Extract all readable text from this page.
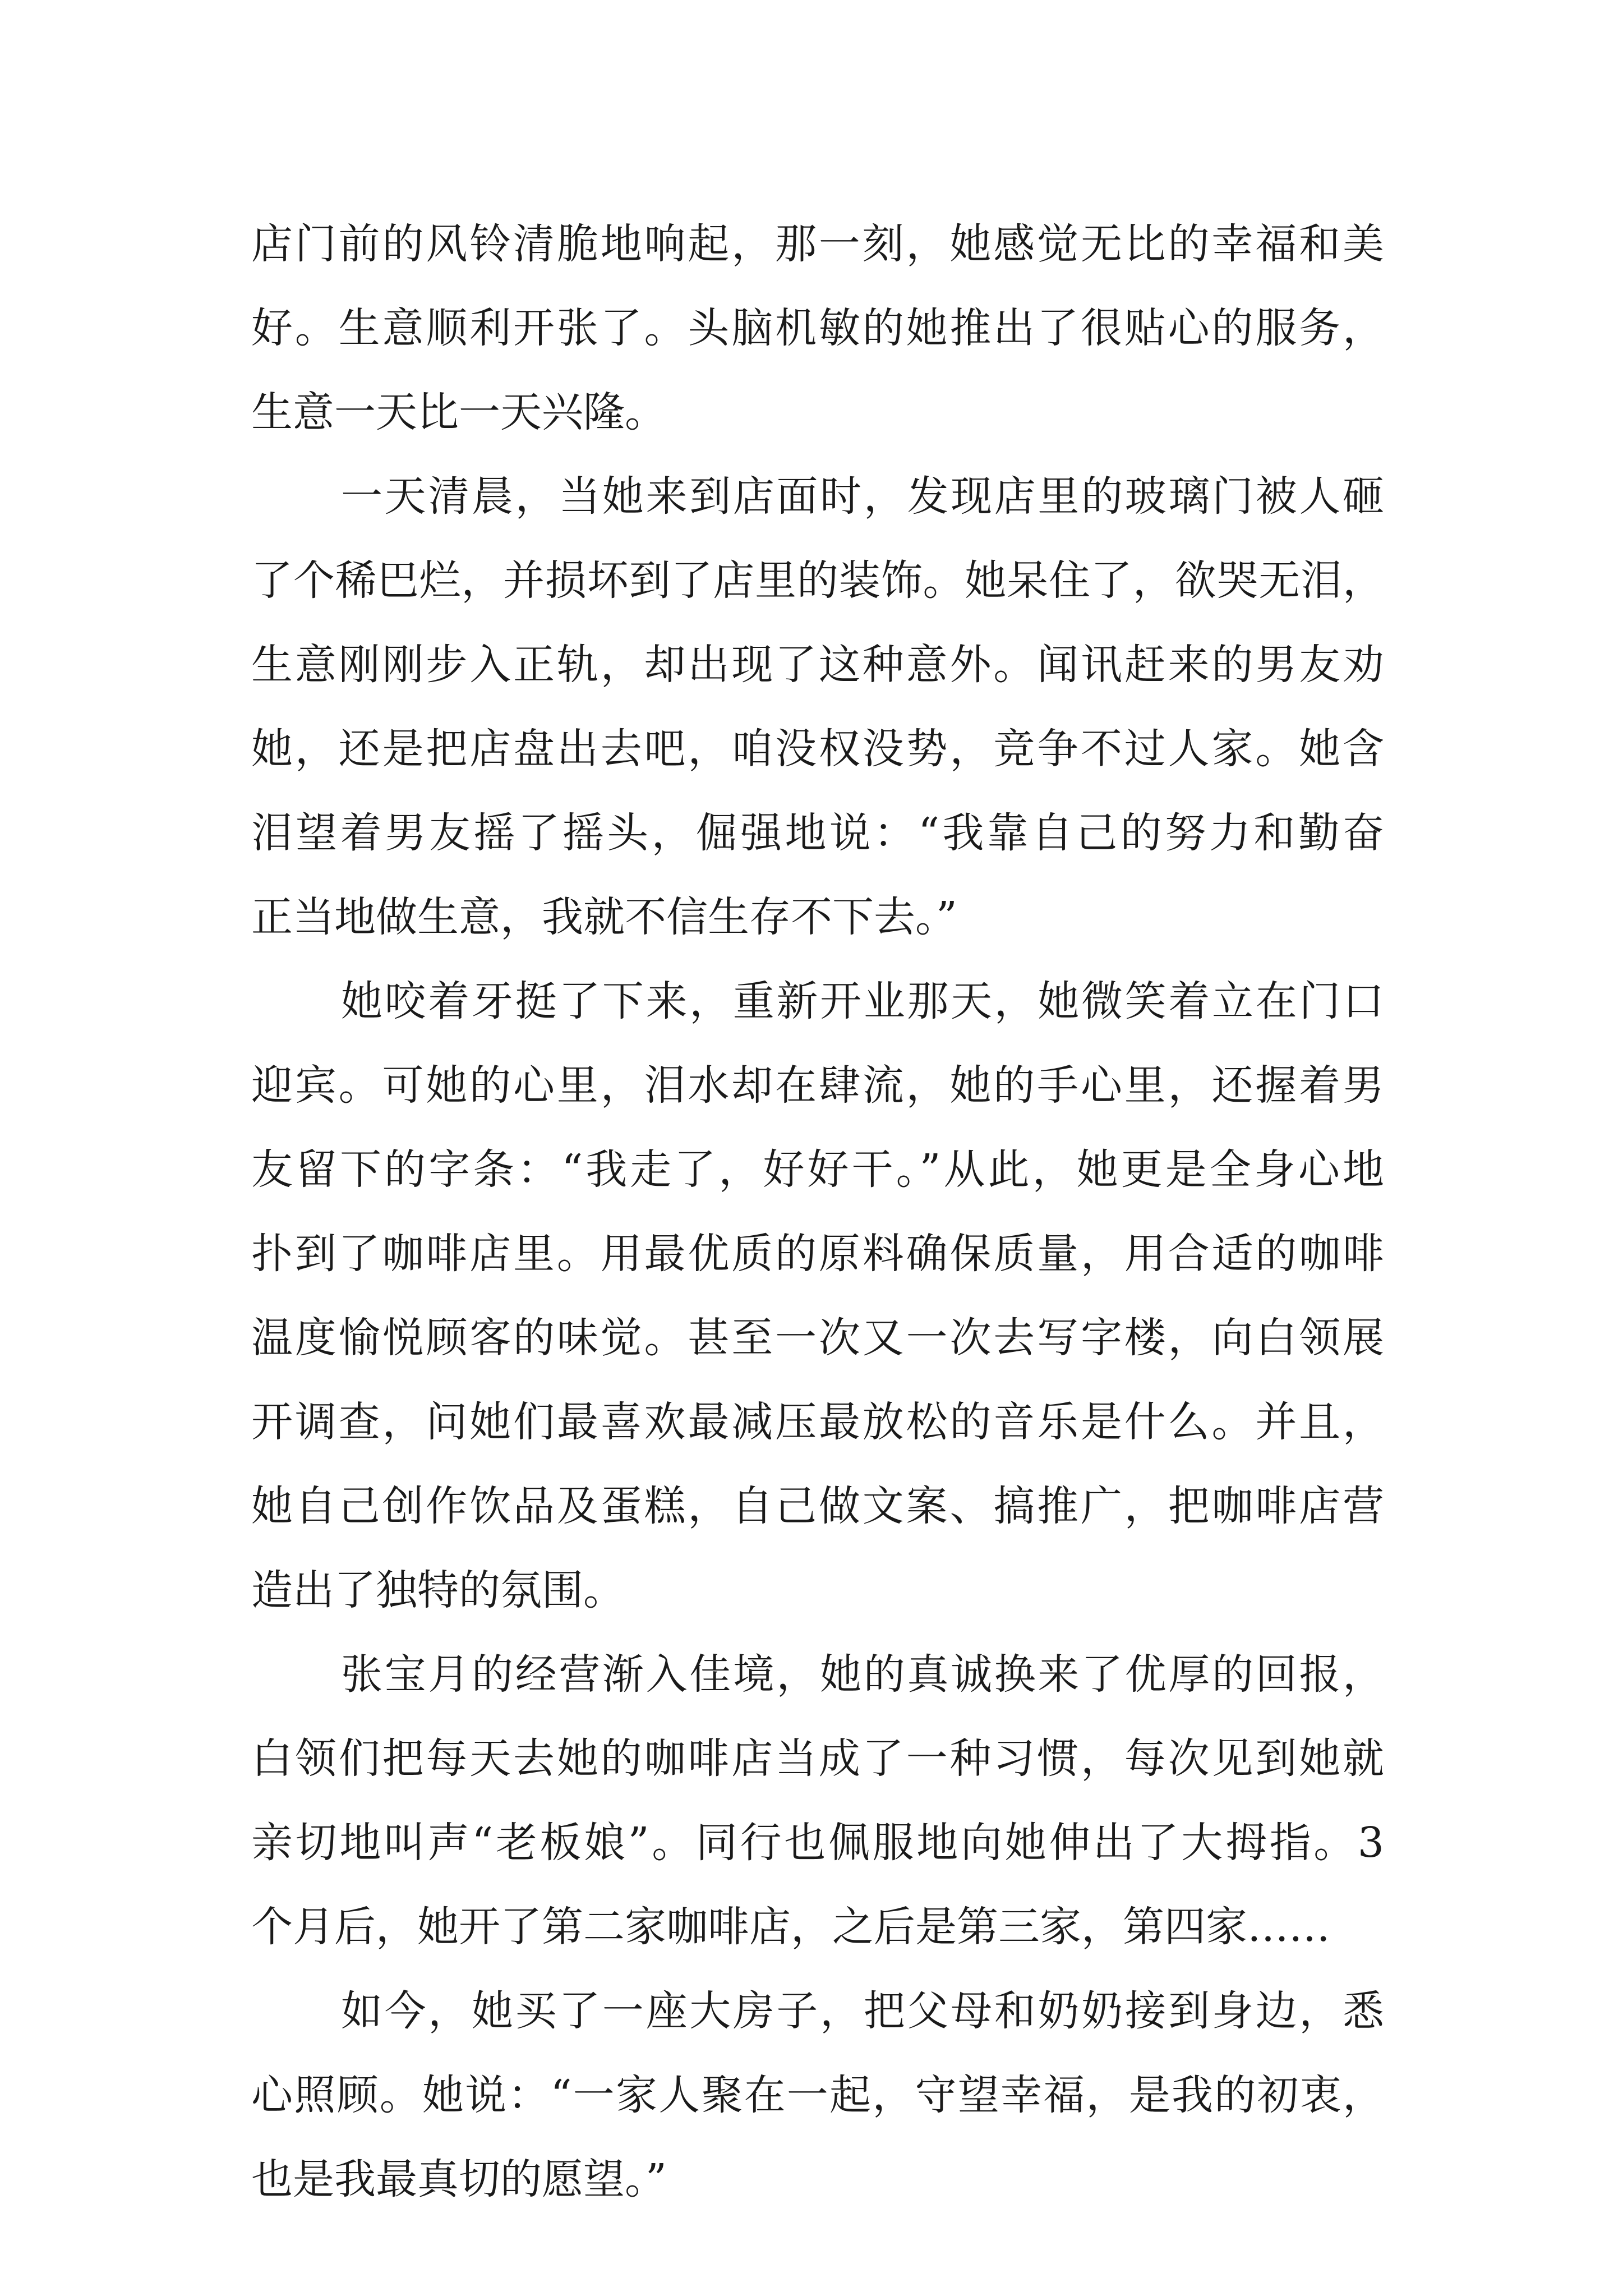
店门前的风铃清脆地响起，那一刻，她感觉无比的幸福和美
好。生意顺利开张了。头脑机敏的她推出了很贴心的服务，
生意一天比一天兴隆。
一天清晨，当她来到店面时，发现店里的玻璃门被人砸
了个稀巴烂，并损坏到了店里的装饰。她呆住了，欲哭无泪，
生意刚刚步入正轨，却出现了这种意外。闻讯赶来的男友劝
她，还是把店盘出去吧，咱没权没势，竞争不过人家。她含
泪望着男友摇了摇头，倔强地说：“我靠自己的努力和勤奋
正当地做生意，我就不信生存不下去。”
她咬着牙挺了下来，重新开业那天，她微笑着立在门口
迎宾。可她的心里，泪水却在肆流，她的手心里，还握着男
友留下的字条：“我走了，好好干。”从此，她更是全身心地
扑到了咖啡店里。用最优质的原料确保质量，用合适的咖啡
温度愉悦顾客的味觉。甚至一次又一次去写字楼，向白领展
开调查，问她们最喜欢最减压最放松的音乐是什么。并且，
她自己创作饮品及蛋糕，自己做文案、搞推广，把咖啡店营
造出了独特的氛围。
张宝月的经营渐入佳境，她的真诚换来了优厚的回报，
白领们把每天去她的咖啡店当成了一种习惯，每次见到她就
亲切地叫声“老板娘”。同行也佩服地向她伸出了大拇指。3
个月后，她开了第二家咖啡店，之后是第三家，第四家……
如今，她买了一座大房子，把父母和奶奶接到身边，悉
心照顾。她说：“一家人聚在一起，守望幸福，是我的初衷，
也是我最真切的愿望。”
